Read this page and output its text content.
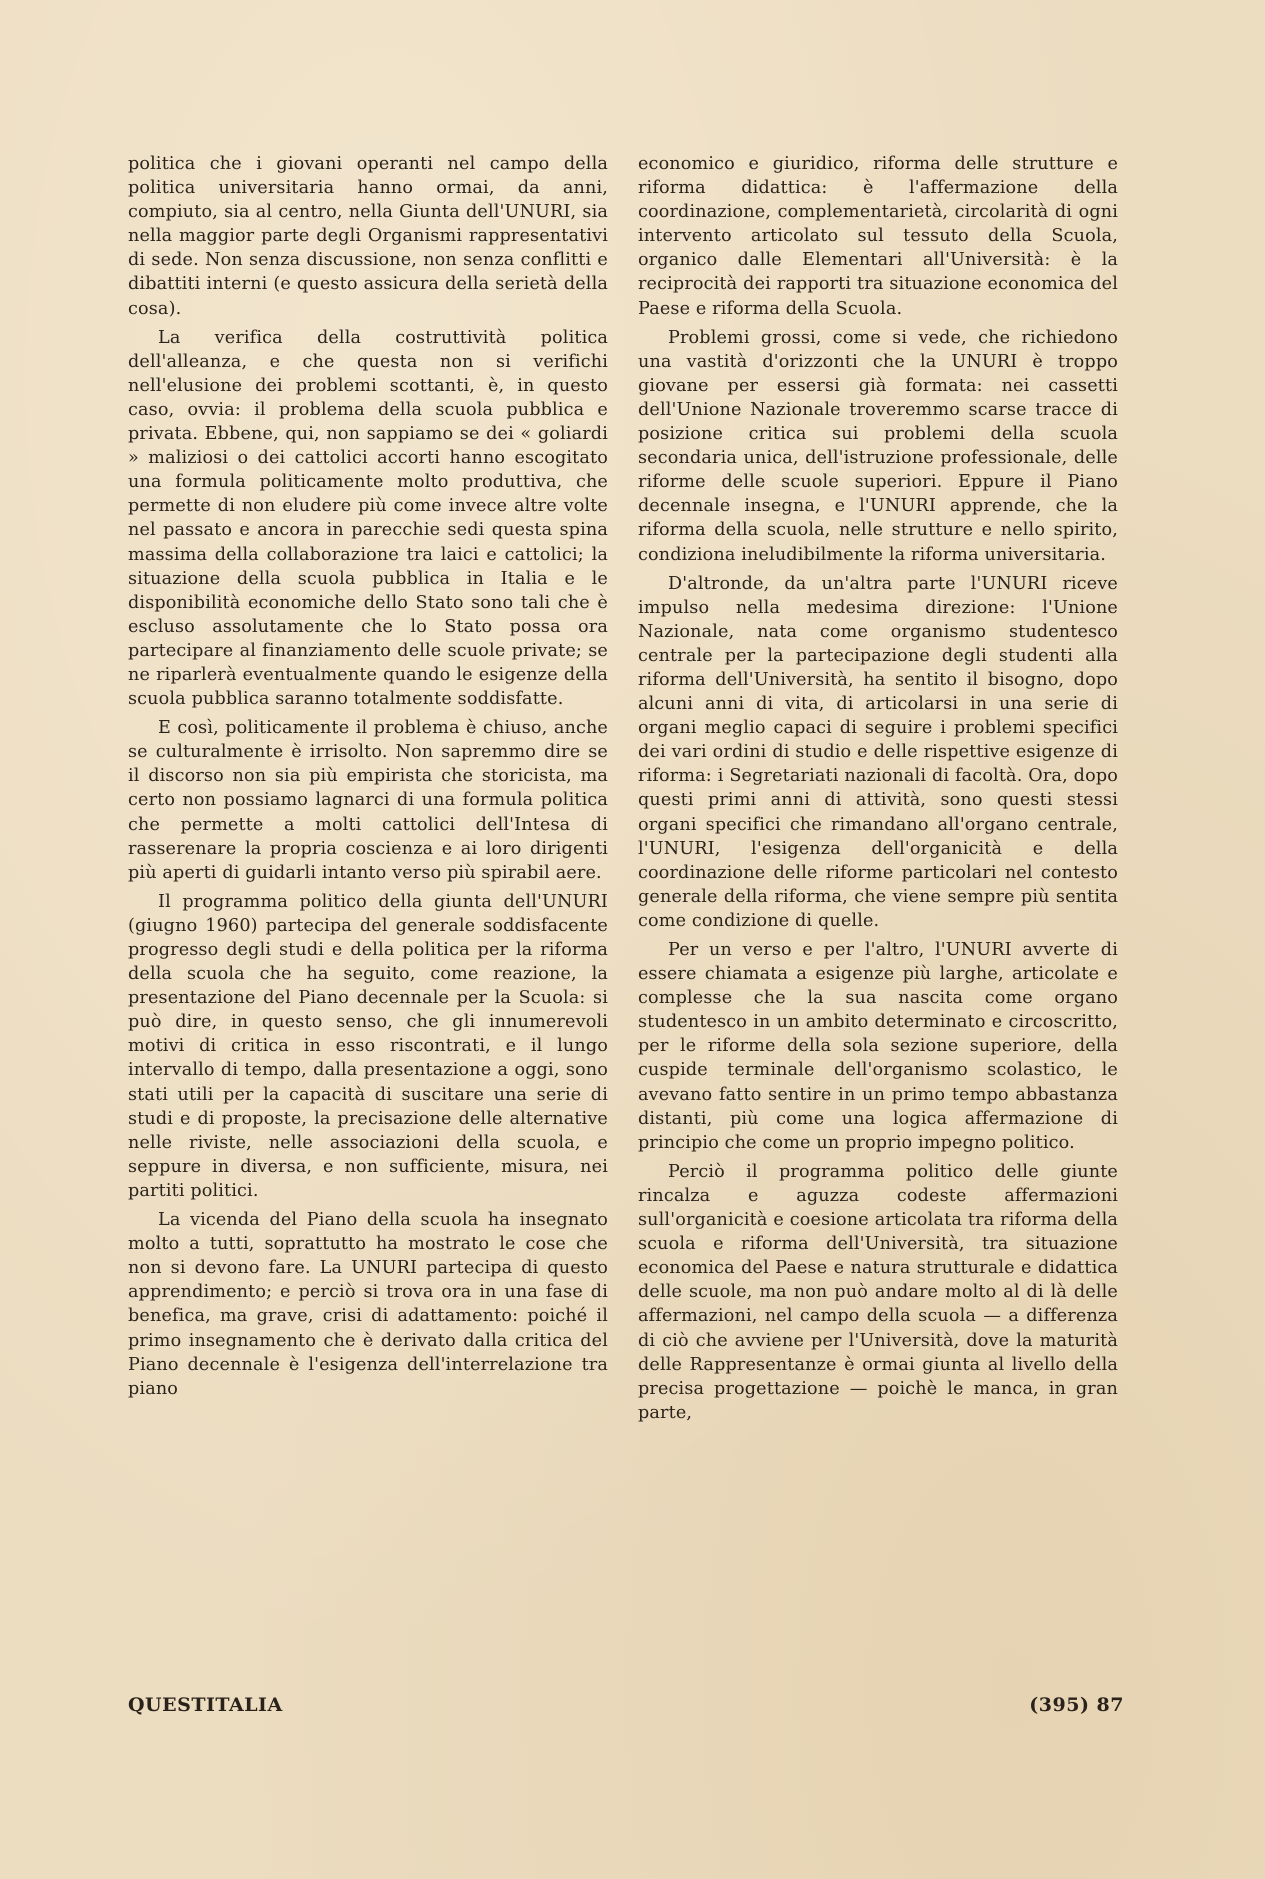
politica che i giovani operanti nel campo della politica universitaria hanno ormai, da anni, compiuto, sia al centro, nella Giunta dell'UNURI, sia nella maggior parte degli Organismi rappresentativi di sede. Non senza discussione, non senza conflitti e dibattiti interni (e questo assicura della serietà della cosa).

La verifica della costruttività politica dell'alleanza, e che questa non si verifichi nell'elusione dei problemi scottanti, è, in questo caso, ovvia: il problema della scuola pubblica e privata. Ebbene, qui, non sappiamo se dei « goliardi » maliziosi o dei cattolici accorti hanno escogitato una formula politicamente molto produttiva, che permette di non eludere più come invece altre volte nel passato e ancora in parecchie sedi questa spina massima della collaborazione tra laici e cattolici; la situazione della scuola pubblica in Italia e le disponibilità economiche dello Stato sono tali che è escluso assolutamente che lo Stato possa ora partecipare al finanziamento delle scuole private; se ne riparlerà eventualmente quando le esigenze della scuola pubblica saranno totalmente soddisfatte.

E così, politicamente il problema è chiuso, anche se culturalmente è irrisolto. Non sapremmo dire se il discorso non sia più empirista che storicista, ma certo non possiamo lagnarci di una formula politica che permette a molti cattolici dell'Intesa di rasserenare la propria coscienza e ai loro dirigenti più aperti di guidarli intanto verso più spirabil aere.

Il programma politico della giunta dell'UNURI (giugno 1960) partecipa del generale soddisfacente progresso degli studi e della politica per la riforma della scuola che ha seguito, come reazione, la presentazione del Piano decennale per la Scuola: si può dire, in questo senso, che gli innumerevoli motivi di critica in esso riscontrati, e il lungo intervallo di tempo, dalla presentazione a oggi, sono stati utili per la capacità di suscitare una serie di studi e di proposte, la precisazione delle alternative nelle riviste, nelle associazioni della scuola, e seppure in diversa, e non sufficiente, misura, nei partiti politici.

La vicenda del Piano della scuola ha insegnato molto a tutti, soprattutto ha mostrato le cose che non si devono fare. La UNURI partecipa di questo apprendimento; e perciò si trova ora in una fase di benefica, ma grave, crisi di adattamento: poiché il primo insegnamento che è derivato dalla critica del Piano decennale è l'esigenza dell'interrelazione tra piano

economico e giuridico, riforma delle strutture e riforma didattica: è l'affermazione della coordinazione, complementarietà, circolarità di ogni intervento articolato sul tessuto della Scuola, organico dalle Elementari all'Università: è la reciprocità dei rapporti tra situazione economica del Paese e riforma della Scuola.

Problemi grossi, come si vede, che richiedono una vastità d'orizzonti che la UNURI è troppo giovane per essersi già formata: nei cassetti dell'Unione Nazionale troveremmo scarse tracce di posizione critica sui problemi della scuola secondaria unica, dell'istruzione professionale, delle riforme delle scuole superiori. Eppure il Piano decennale insegna, e l'UNURI apprende, che la riforma della scuola, nelle strutture e nello spirito, condiziona ineludibilmente la riforma universitaria.

D'altronde, da un'altra parte l'UNURI riceve impulso nella medesima direzione: l'Unione Nazionale, nata come organismo studentesco centrale per la partecipazione degli studenti alla riforma dell'Università, ha sentito il bisogno, dopo alcuni anni di vita, di articolarsi in una serie di organi meglio capaci di seguire i problemi specifici dei vari ordini di studio e delle rispettive esigenze di riforma: i Segretariati nazionali di facoltà. Ora, dopo questi primi anni di attività, sono questi stessi organi specifici che rimandano all'organo centrale, l'UNURI, l'esigenza dell'organicità e della coordinazione delle riforme particolari nel contesto generale della riforma, che viene sempre più sentita come condizione di quelle.

Per un verso e per l'altro, l'UNURI avverte di essere chiamata a esigenze più larghe, articolate e complesse che la sua nascita come organo studentesco in un ambito determinato e circoscritto, per le riforme della sola sezione superiore, della cuspide terminale dell'organismo scolastico, le avevano fatto sentire in un primo tempo abbastanza distanti, più come una logica affermazione di principio che come un proprio impegno politico.

Perciò il programma politico delle giunte rincalza e aguzza codeste affermazioni sull'organicità e coesione articolata tra riforma della scuola e riforma dell'Università, tra situazione economica del Paese e natura strutturale e didattica delle scuole, ma non può andare molto al di là delle affermazioni, nel campo della scuola — a differenza di ciò che avviene per l'Università, dove la maturità delle Rappresentanze è ormai giunta al livello della precisa progettazione — poichè le manca, in gran parte,

QUESTITALIA	(395) 87
